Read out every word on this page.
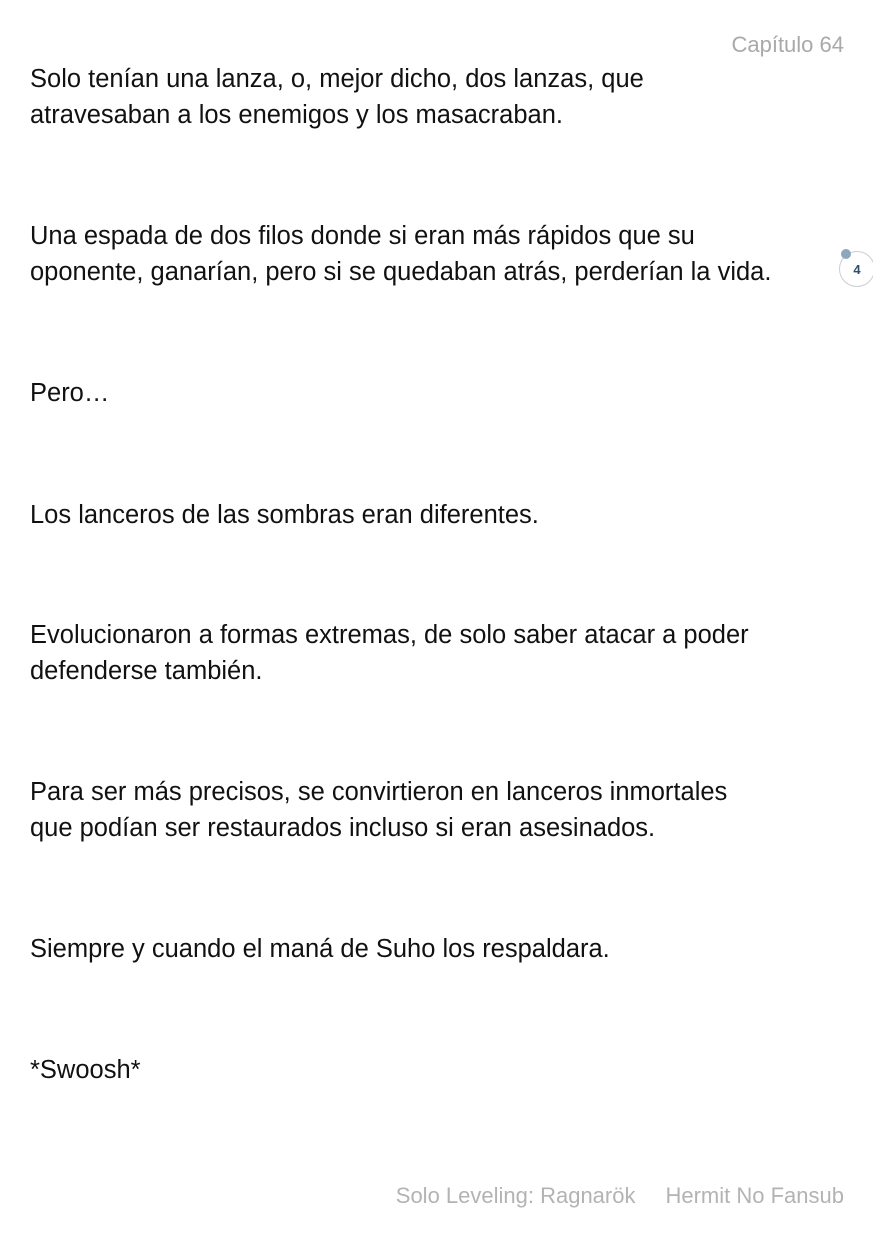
Capítulo 64

Solo tenían una lanza, o, mejor dicho, dos lanzas, que
atravesaban a los enemigos y los masacraban.

Una espada de dos filos donde si eran más rápidos que su
oponente, ganarían, pero si se quedaban atrás, perderían la vida.

Pero…

Los lanceros de las sombras eran diferentes.

Evolucionaron a formas extremas, de solo saber atacar a poder
defenderse también.

Para ser más precisos, se convirtieron en lanceros inmortales
que podían ser restaurados incluso si eran asesinados.

Siempre y cuando el maná de Suho los respaldara.

*Swoosh*

4
Solo Leveling: Ragnarök Hermit No Fansub
